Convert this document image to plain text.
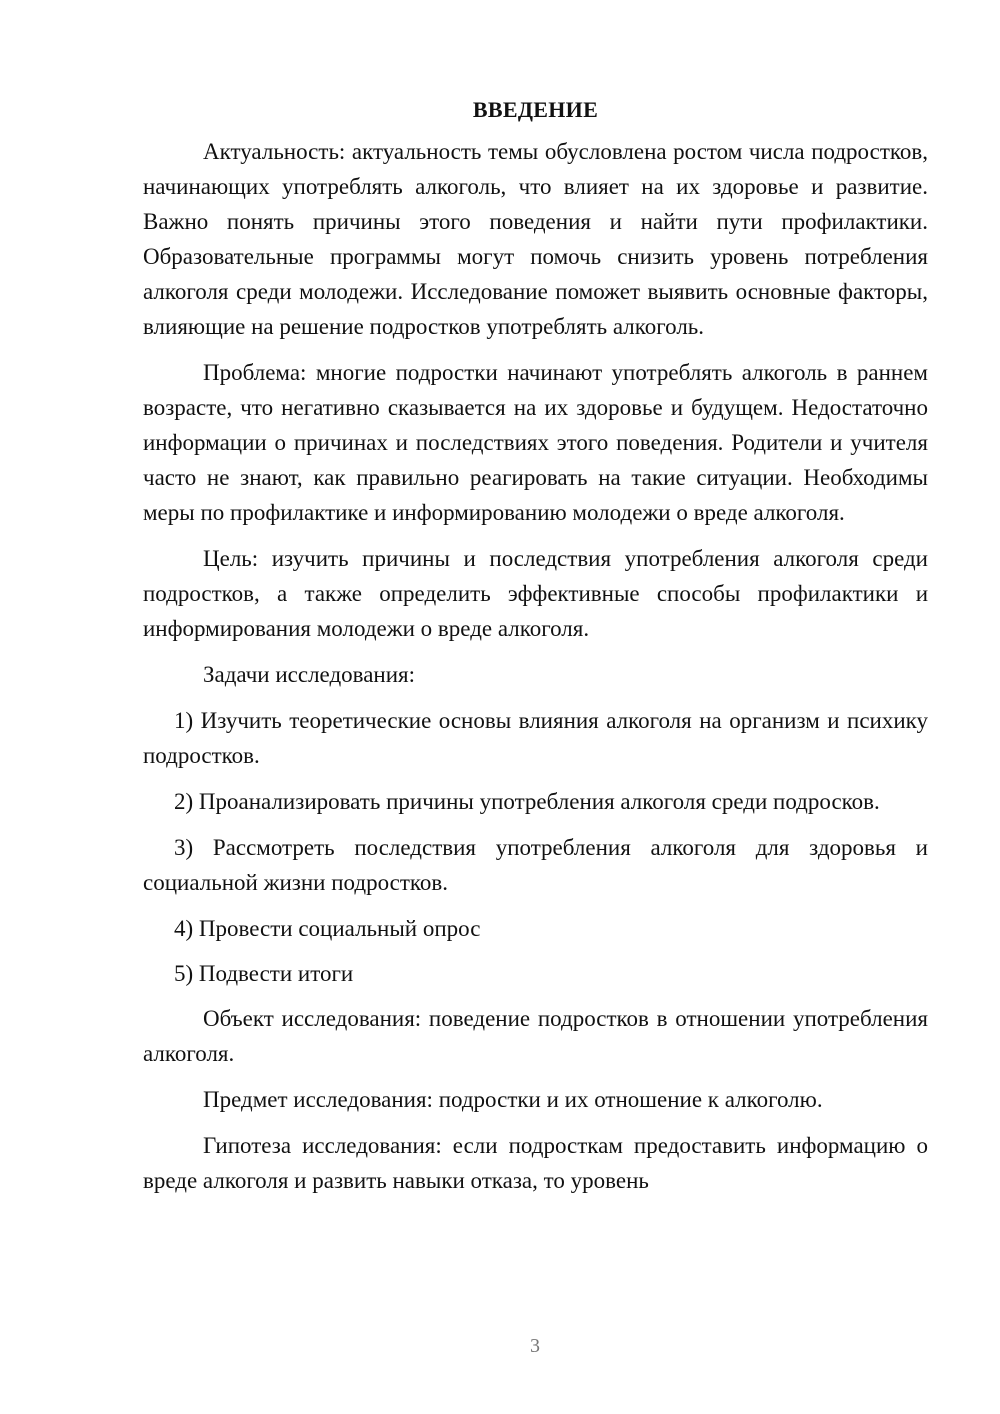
ВВЕДЕНИЕ

Актуальность: актуальность темы обусловлена ростом числа подростков, начинающих употреблять алкоголь, что влияет на их здоровье и развитие. Важно понять причины этого поведения и найти пути профилактики. Образовательные программы могут помочь снизить уровень потребления алкоголя среди молодежи. Исследование поможет выявить основные факторы, влияющие на решение подростков употреблять алкоголь.

Проблема: многие подростки начинают употреблять алкоголь в раннем возрасте, что негативно сказывается на их здоровье и будущем. Недостаточно информации о причинах и последствиях этого поведения. Родители и учителя часто не знают, как правильно реагировать на такие ситуации. Необходимы меры по профилактике и информированию молодежи о вреде алкоголя.

Цель: изучить причины и последствия употребления алкоголя среди подростков, а также определить эффективные способы профилактики и информирования молодежи о вреде алкоголя.

Задачи исследования:

1) Изучить теоретические основы влияния алкоголя на организм и психику подростков.

2) Проанализировать причины употребления алкоголя среди подросков.

3) Рассмотреть последствия употребления алкоголя для здоровья и социальной жизни подростков.

4) Провести социальный опрос

5) Подвести итоги

Объект исследования: поведение подростков в отношении употребления алкоголя.

Предмет исследования: подростки и их отношение к алкоголю.

Гипотеза исследования: если подросткам предоставить информацию о вреде алкоголя и развить навыки отказа, то уровень

3
